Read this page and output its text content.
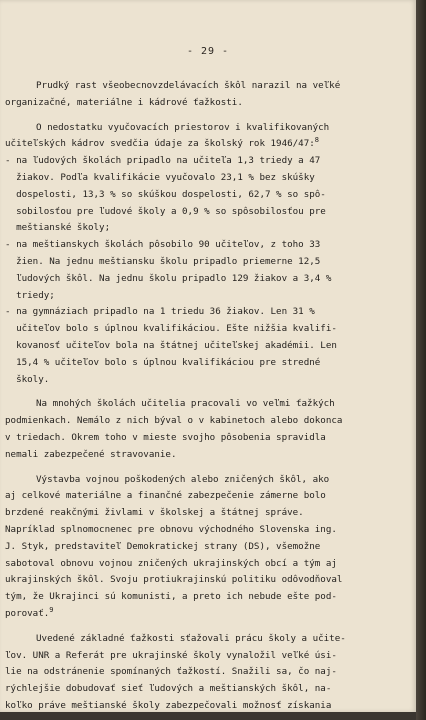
- 29 -
Prudký rast všeobecnovzdelávacích škôl narazil na veľké
organizačné, materiálne i kádrové ťažkosti.
O nedostatku vyučovacích priestorov i kvalifikovaných
učiteľských kádrov svedčia údaje za školský rok 1946/47:$^8$
- na ľudových školách pripadlo na učiteľa 1,3 triedy a 47
žiakov. Podľa kvalifikácie vyučovalo 23,1 % bez skúšky
dospelosti, 13,3 % so skúškou dospelosti, 62,7 % so spô-
sobilosťou pre ľudové školy a 0,9 % so spôsobilosťou pre
meštianské školy;
- na meštianskych školách pôsobilo 90 učiteľov, z toho 33
žien. Na jednu meštiansku školu pripadlo priemerne 12,5
ľudových škôl. Na jednu školu pripadlo 129 žiakov a 3,4 %
triedy;
- na gymnáziach pripadlo na 1 triedu 36 žiakov. Len 31 %
učiteľov bolo s úplnou kvalifikáciou. Ešte nižšia kvalifi-
kovanosť učiteľov bola na štátnej učiteľskej akadémii. Len
15,4 % učiteľov bolo s úplnou kvalifikáciou pre stredné
školy.
Na mnohých školách učitelia pracovali vo veľmi ťažkých
podmienkach. Nemálo z nich býval o v kabinetoch alebo dokonca
v triedach. Okrem toho v mieste svojho pôsobenia spravidla
nemali zabezpečené stravovanie.
Výstavba vojnou poškodených alebo zničených škôl, ako
aj celkové materiálne a finančné zabezpečenie zámerne bolo
brzdené reakčnými živlami v školskej a štátnej správe.
Napríklad splnomocnenec pre obnovu východného Slovenska ing.
J. Styk, predstaviteľ Demokratickej strany (DS), všemožne
sabotoval obnovu vojnou zničených ukrajinských obcí a tým aj
ukrajinských škôl. Svoju protiukrajinskú politiku odôvodňoval
tým, že Ukrajinci sú komunisti, a preto ich nebude ešte pod-
porovať.$^9$
Uvedené základné ťažkosti sťažovali prácu školy a učite-
ľov. UNR a Referát pre ukrajinské školy vynaložil veľké úsi-
lie na odstránenie spomínaných ťažkostí. Snažili sa, čo naj-
rýchlejšie dobudovať sieť ľudových a meštianských škôl, na-
koľko práve meštianské školy zabezpečovali možnosť získania
